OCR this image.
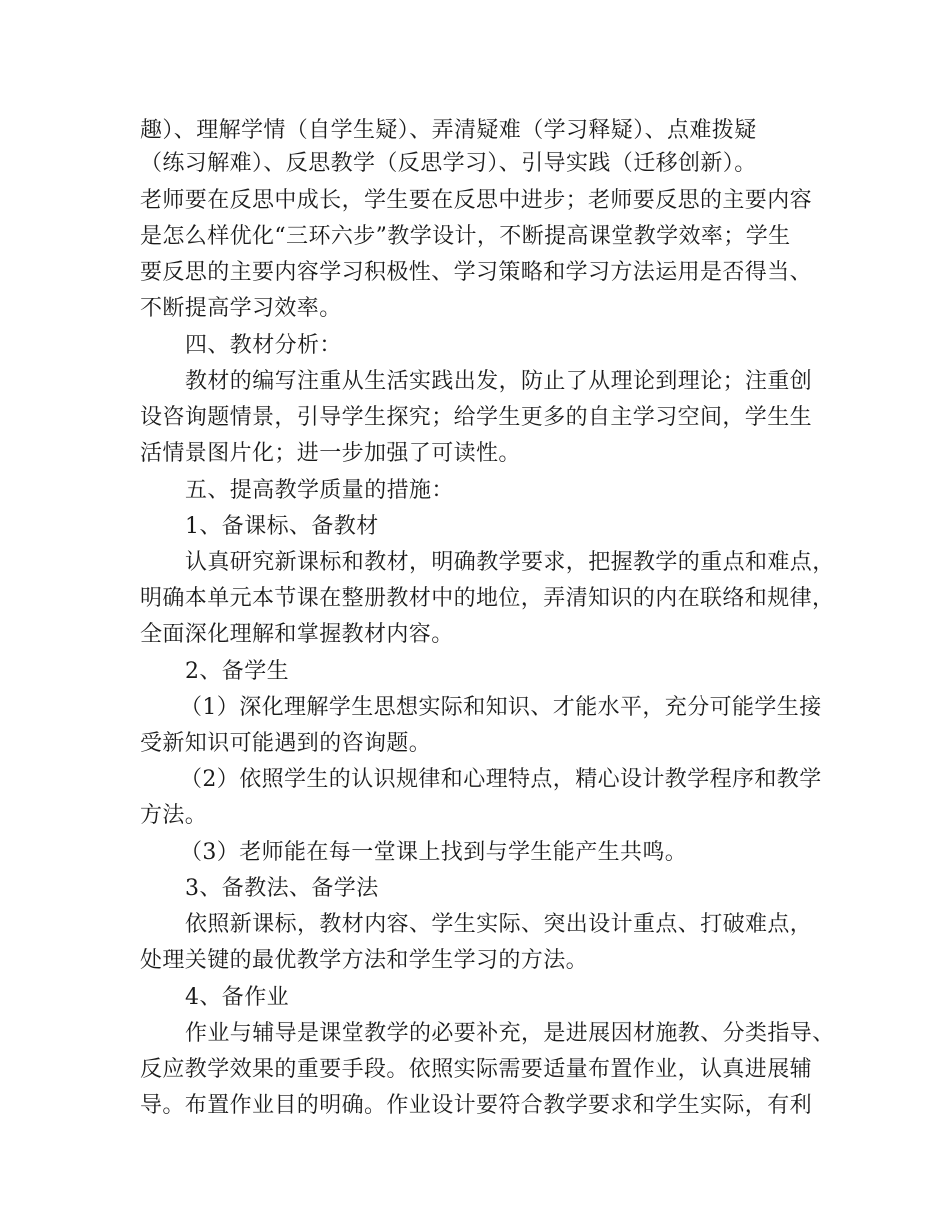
趣）、理解学情（自学生疑）、弄清疑难（学习释疑）、点难拨疑
（练习解难）、反思教学（反思学习）、引导实践（迁移创新）。
老师要在反思中成长，学生要在反思中进步；老师要反思的主要内容
是怎么样优化“三环六步”教学设计，不断提高课堂教学效率；学生
要反思的主要内容学习积极性、学习策略和学习方法运用是否得当、
不断提高学习效率。
四、教材分析：
教材的编写注重从生活实践出发，防止了从理论到理论；注重创
设咨询题情景，引导学生探究；给学生更多的自主学习空间，学生生
活情景图片化；进一步加强了可读性。
五、提高教学质量的措施：
1、备课标、备教材
认真研究新课标和教材，明确教学要求，把握教学的重点和难点，
明确本单元本节课在整册教材中的地位，弄清知识的内在联络和规律，
全面深化理解和掌握教材内容。
2、备学生
（1）深化理解学生思想实际和知识、才能水平，充分可能学生接
受新知识可能遇到的咨询题。
（2）依照学生的认识规律和心理特点，精心设计教学程序和教学
方法。
（3）老师能在每一堂课上找到与学生能产生共鸣。
3、备教法、备学法
依照新课标，教材内容、学生实际、突出设计重点、打破难点，
处理关键的最优教学方法和学生学习的方法。
4、备作业
作业与辅导是课堂教学的必要补充，是进展因材施教、分类指导、
反应教学效果的重要手段。依照实际需要适量布置作业，认真进展辅
导。布置作业目的明确。作业设计要符合教学要求和学生实际，有利
